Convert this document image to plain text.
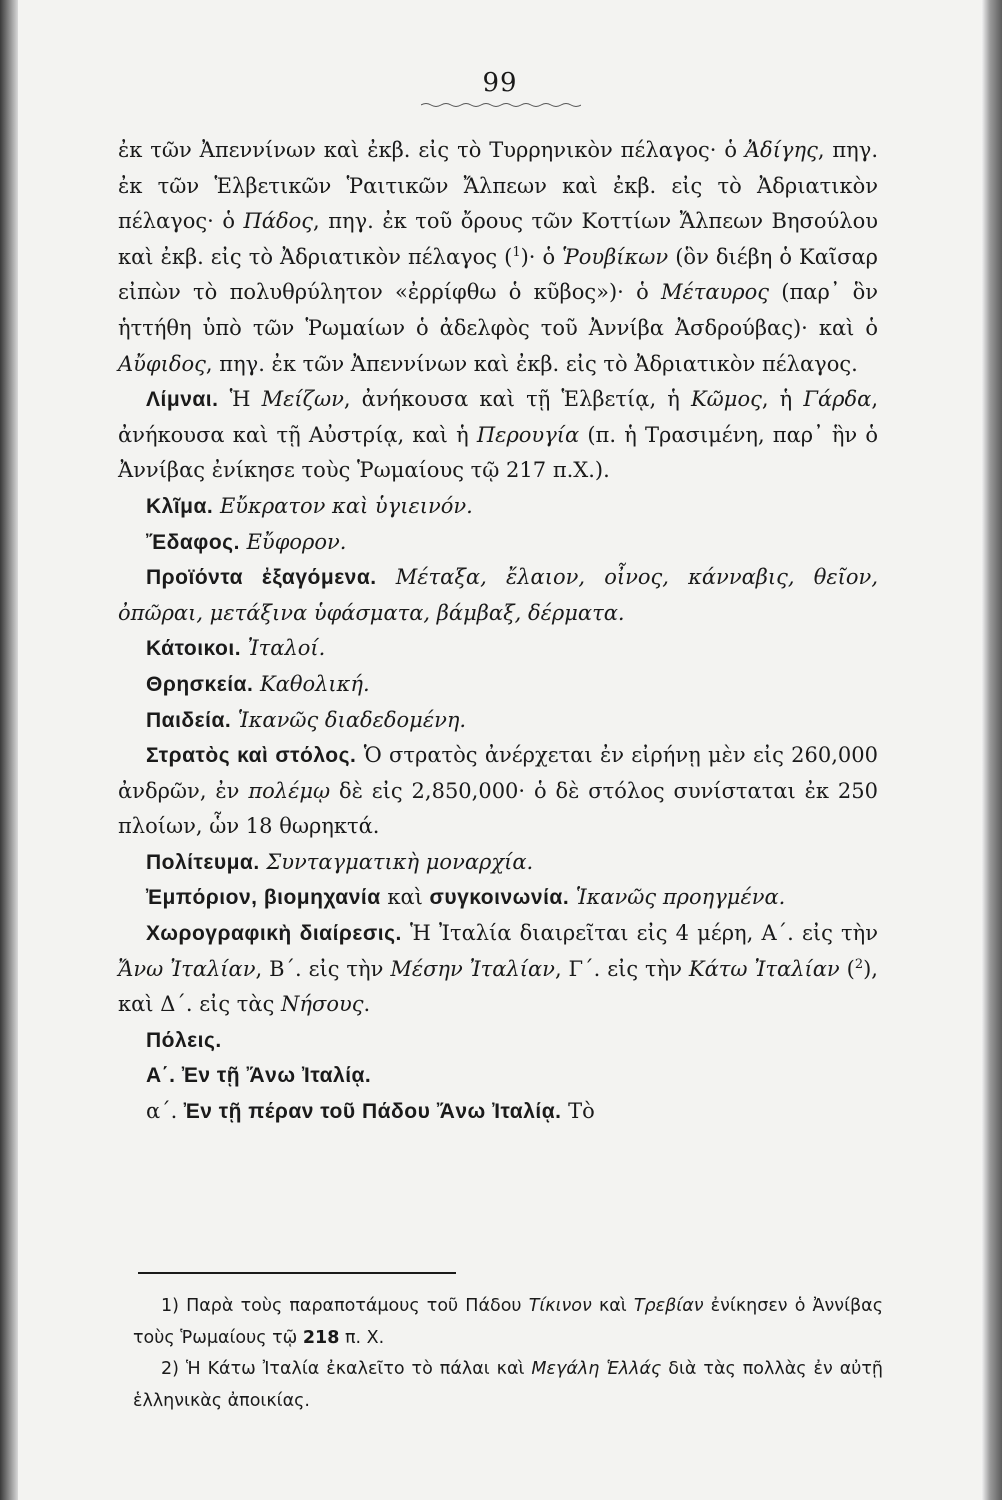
99

ἐκ τῶν Ἀπεννίνων καὶ ἐκβ. εἰς τὸ Τυρρηνικὸν πέλαγος· ὁ Ἀδίγης, πηγ. ἐκ τῶν Ἑλβετικῶν Ῥαιτικῶν Ἄλπεων καὶ ἐκβ. εἰς τὸ Ἀδριατικὸν πέλαγος· ὁ Πάδος, πηγ. ἐκ τοῦ ὄρους τῶν Κοττίων Ἄλπεων Βησούλου καὶ ἐκβ. εἰς τὸ Ἀδριατικὸν πέλαγος ($^1$)· ὁ Ῥουβίκων (ὃν διέβη ὁ Καῖσαρ εἰπὼν τὸ πολυθρύλητον «ἐρρίφθω ὁ κῦβος»)· ὁ Μέταυρος (παρ᾽ ὃν ἡττήθη ὑπὸ τῶν Ῥωμαίων ὁ ἀδελφὸς τοῦ Ἀννίβα Ἀσδρούβας)· καὶ ὁ Αὔφιδος, πηγ. ἐκ τῶν Ἀπεννίνων καὶ ἐκβ. εἰς τὸ Ἀδριατικὸν πέλαγος.

Λίμναι. Ἡ Μείζων, ἀνήκουσα καὶ τῇ Ἑλβετίᾳ, ἡ Κῶμος, ἡ Γάρδα, ἀνήκουσα καὶ τῇ Αὐστρίᾳ, καὶ ἡ Περουγία (π. ἡ Τρασιμένη, παρ᾽ ἣν ὁ Ἀννίβας ἐνίκησε τοὺς Ῥωμαίους τῷ 217 π.Χ.).

Κλῖμα. Εὔκρατον καὶ ὑγιεινόν.

Ἔδαφος. Εὔφορον.

Προϊόντα ἐξαγόμενα. Μέταξα, ἔλαιον, οἶνος, κάνναβις, θεῖον, ὀπῶραι, μετάξινα ὑφάσματα, βάμβαξ, δέρματα.

Κάτοικοι. Ἰταλοί.

Θρησκεία. Καθολική.

Παιδεία. Ἱκανῶς διαδεδομένη.

Στρατὸς καὶ στόλος. Ὁ στρατὸς ἀνέρχεται ἐν εἰρήνῃ μὲν εἰς 260,000 ἀνδρῶν, ἐν πολέμῳ δὲ εἰς 2,850,000· ὁ δὲ στόλος συνίσταται ἐκ 250 πλοίων, ὧν 18 θωρηκτά.

Πολίτευμα. Συνταγματικὴ μοναρχία.

Ἐμπόριον, βιομηχανία καὶ συγκοινωνία. Ἱκανῶς προηγμένα.

Χωρογραφικὴ διαίρεσις. Ἡ Ἰταλία διαιρεῖται εἰς 4 μέρη, Α΄. εἰς τὴν Ἄνω Ἰταλίαν, Β΄. εἰς τὴν Μέσην Ἰταλίαν, Γ΄. εἰς τὴν Κάτω Ἰταλίαν ($^2$), καὶ Δ΄. εἰς τὰς Νήσους.

Πόλεις.

Α΄. Ἐν τῇ Ἄνω Ἰταλίᾳ.

α΄. Ἐν τῇ πέραν τοῦ Πάδου Ἄνω Ἰταλίᾳ. Τὸ

1) Παρὰ τοὺς παραποτάμους τοῦ Πάδου Τίκινον καὶ Τρεβίαν ἐνίκησεν ὁ Ἀννίβας τοὺς Ῥωμαίους τῷ 218 π. Χ.

2) Ἡ Κάτω Ἰταλία ἐκαλεῖτο τὸ πάλαι καὶ Μεγάλη Ἑλλάς διὰ τὰς πολλὰς ἐν αὐτῇ ἑλληνικὰς ἀποικίας.
